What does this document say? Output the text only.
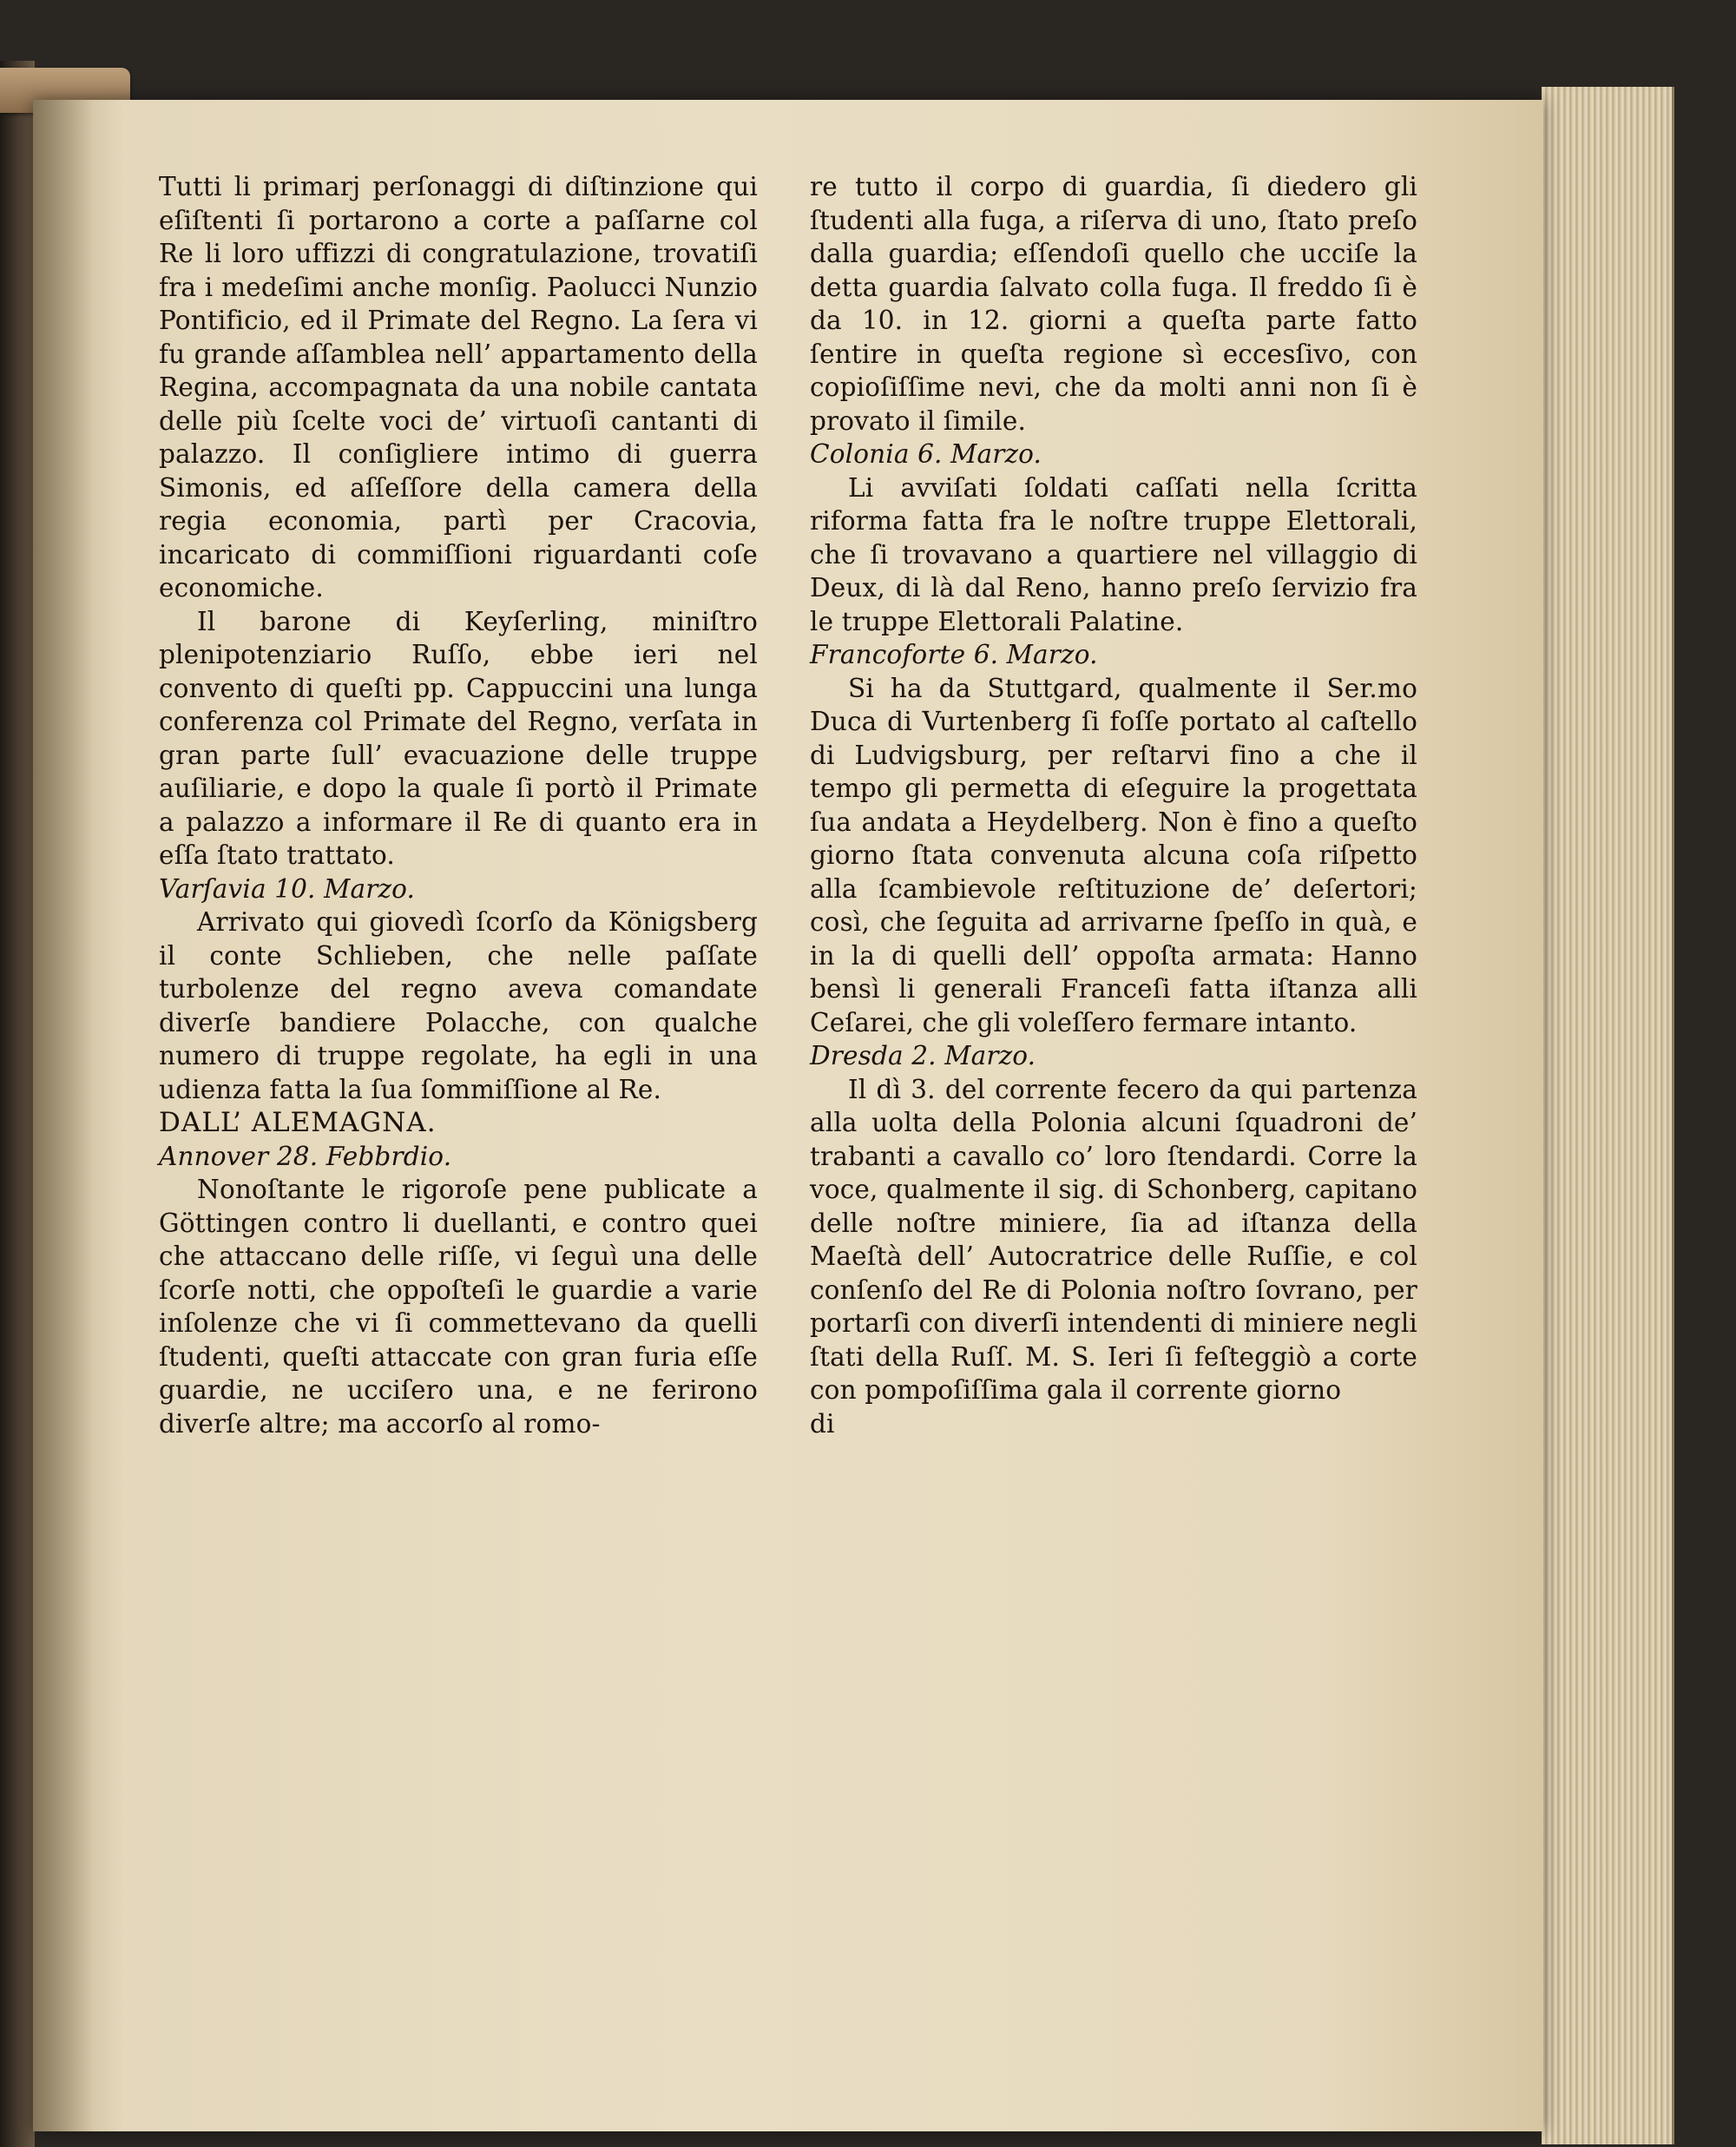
Tutti li primarj perſonaggi di diſtinzione qui eſiſtenti ſi portarono a corte a paſſarne col Re li loro uffizzi di congratulazione, trovatiſi fra i medeſimi anche monſig. Paolucci Nunzio Pontificio, ed il Primate del Regno. La ſera vi fu grande aſſamblea nell’ appartamento della Regina, accompagnata da una nobile cantata delle più ſcelte voci de’ virtuoſi cantanti di palazzo. Il conſigliere intimo di guerra Simonis, ed aſſeſſore della camera della regia economia, partì per Cracovia, incaricato di commiſſioni riguardanti coſe economiche.

Il barone di Keyſerling, miniſtro plenipotenziario Ruſſo, ebbe ieri nel convento di queſti pp. Cappuccini una lunga conferenza col Primate del Regno, verſata in gran parte ſull’ evacuazione delle truppe auſiliarie, e dopo la quale ſi portò il Primate a palazzo a informare il Re di quanto era in eſſa ſtato trattato.

Varſavia 10. Marzo.

Arrivato qui giovedì ſcorſo da Königsberg il conte Schlieben, che nelle paſſate turbolenze del regno aveva comandate diverſe bandiere Polacche, con qualche numero di truppe regolate, ha egli in una udienza fatta la ſua ſommiſſione al Re.

DALL’ ALEMAGNA.

Annover 28. Febbrdio.

Nonoſtante le rigoroſe pene publicate a Göttingen contro li duellanti, e contro quei che attaccano delle riſſe, vi ſeguì una delle ſcorſe notti, che oppoſteſi le guardie a varie inſolenze che vi ſi commettevano da quelli ſtudenti, queſti attaccate con gran furia eſſe guardie, ne ucciſero una, e ne ferirono diverſe altre; ma accorſo al romo-

re tutto il corpo di guardia, ſi diedero gli ſtudenti alla fuga, a riſerva di uno, ſtato preſo dalla guardia; eſſendoſi quello che ucciſe la detta guardia ſalvato colla fuga. Il freddo ſi è da 10. in 12. giorni a queſta parte fatto ſentire in queſta regione sì eccesſivo, con copioſiſſime nevi, che da molti anni non ſi è provato il ſimile.

Colonia 6. Marzo.

Li avviſati ſoldati caſſati nella ſcritta riforma fatta fra le noſtre truppe Elettorali, che ſi trovavano a quartiere nel villaggio di Deux, di là dal Reno, hanno preſo ſervizio fra le truppe Elettorali Palatine.

Francoforte 6. Marzo.

Si ha da Stuttgard, qualmente il Ser.mo Duca di Vurtenberg ſi foſſe portato al caſtello di Ludvigsburg, per reſtarvi fino a che il tempo gli permetta di eſeguire la progettata ſua andata a Heydelberg. Non è fino a queſto giorno ſtata convenuta alcuna coſa riſpetto alla ſcambievole reſtituzione de’ deſertori; così, che ſeguita ad arrivarne ſpeſſo in quà, e in la di quelli dell’ oppoſta armata: Hanno bensì li generali Franceſi fatta iſtanza alli Ceſarei, che gli voleſſero fermare intanto.

Dresda 2. Marzo.

Il dì 3. del corrente fecero da qui partenza alla uolta della Polonia alcuni ſquadroni de’ trabanti a cavallo co’ loro ſtendardi. Corre la voce, qualmente il sig. di Schonberg, capitano delle noſtre miniere, ſia ad iſtanza della Maeſtà dell’ Autocratrice delle Ruſſie, e col conſenſo del Re di Polonia noſtro ſovrano, per portarſi con diverſi intendenti di miniere negli ſtati della Ruſſ. M. S. Ieri ſi feſteggiò a corte con pompoſiſſima gala il corrente giorno

di
